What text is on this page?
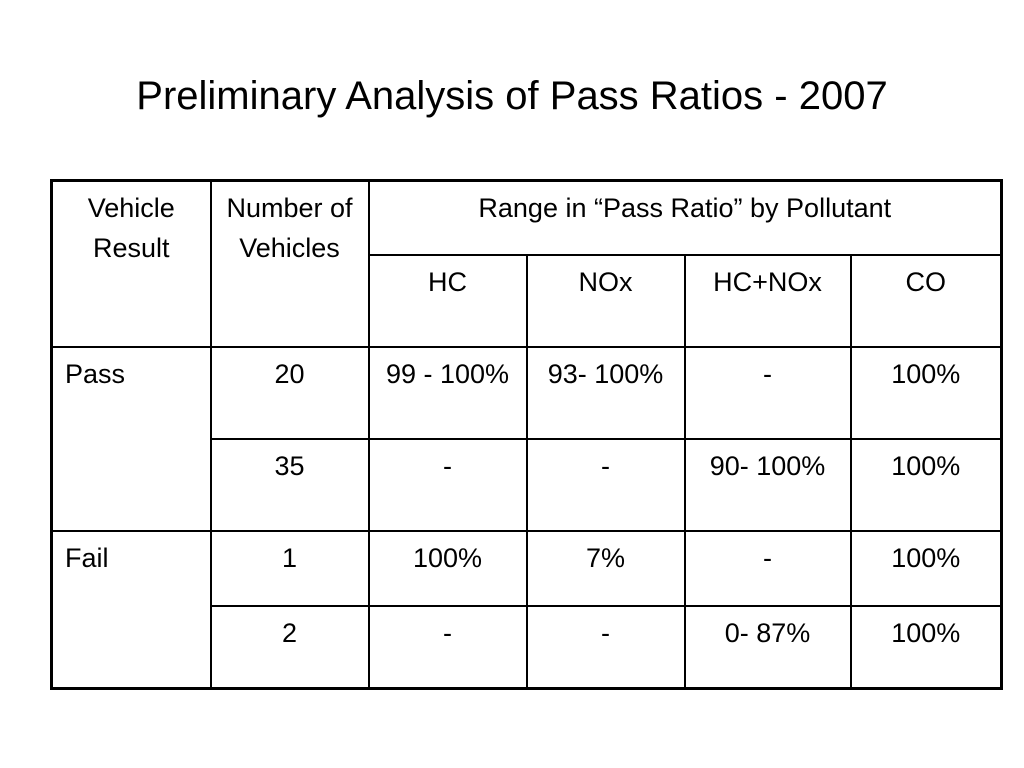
Preliminary Analysis of Pass Ratios - 2007
Vehicle Result	Number of Vehicles	Range in “Pass Ratio” by Pollutant			
		HC	NOx	HC+NOx	CO
Pass	20	99 - 100%	93- 100%	-	100%
	35	-	-	90- 100%	100%
Fail	1	100%	7%	-	100%
	2	-	-	0- 87%	100%
